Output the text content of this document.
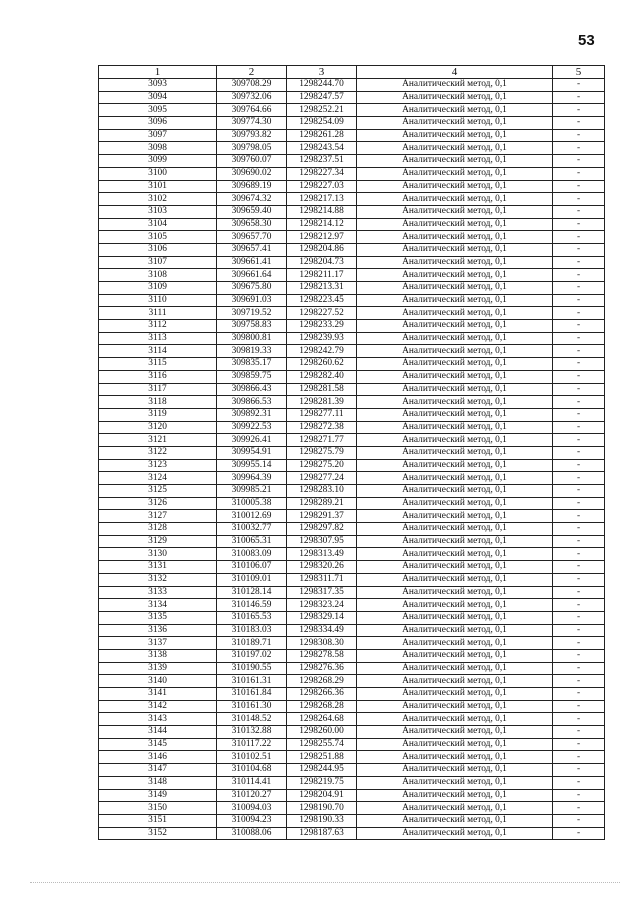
53
1	2	3	4	5
3093	309708.29	1298244.70	Аналитический метод, 0,1	-
3094	309732.06	1298247.57	Аналитический метод, 0,1	-
3095	309764.66	1298252.21	Аналитический метод, 0,1	-
3096	309774.30	1298254.09	Аналитический метод, 0,1	-
3097	309793.82	1298261.28	Аналитический метод, 0,1	-
3098	309798.05	1298243.54	Аналитический метод, 0,1	-
3099	309760.07	1298237.51	Аналитический метод, 0,1	-
3100	309690.02	1298227.34	Аналитический метод, 0,1	-
3101	309689.19	1298227.03	Аналитический метод, 0,1	-
3102	309674.32	1298217.13	Аналитический метод, 0,1	-
3103	309659.40	1298214.88	Аналитический метод, 0,1	-
3104	309658.30	1298214.12	Аналитический метод, 0,1	-
3105	309657.70	1298212.97	Аналитический метод, 0,1	-
3106	309657.41	1298204.86	Аналитический метод, 0,1	-
3107	309661.41	1298204.73	Аналитический метод, 0,1	-
3108	309661.64	1298211.17	Аналитический метод, 0,1	-
3109	309675.80	1298213.31	Аналитический метод, 0,1	-
3110	309691.03	1298223.45	Аналитический метод, 0,1	-
3111	309719.52	1298227.52	Аналитический метод, 0,1	-
3112	309758.83	1298233.29	Аналитический метод, 0,1	-
3113	309800.81	1298239.93	Аналитический метод, 0,1	-
3114	309819.33	1298242.79	Аналитический метод, 0,1	-
3115	309835.17	1298260.62	Аналитический метод, 0,1	-
3116	309859.75	1298282.40	Аналитический метод, 0,1	-
3117	309866.43	1298281.58	Аналитический метод, 0,1	-
3118	309866.53	1298281.39	Аналитический метод, 0,1	-
3119	309892.31	1298277.11	Аналитический метод, 0,1	-
3120	309922.53	1298272.38	Аналитический метод, 0,1	-
3121	309926.41	1298271.77	Аналитический метод, 0,1	-
3122	309954.91	1298275.79	Аналитический метод, 0,1	-
3123	309955.14	1298275.20	Аналитический метод, 0,1	-
3124	309964.39	1298277.24	Аналитический метод, 0,1	-
3125	309985.21	1298283.10	Аналитический метод, 0,1	-
3126	310005.38	1298289.21	Аналитический метод, 0,1	-
3127	310012.69	1298291.37	Аналитический метод, 0,1	-
3128	310032.77	1298297.82	Аналитический метод, 0,1	-
3129	310065.31	1298307.95	Аналитический метод, 0,1	-
3130	310083.09	1298313.49	Аналитический метод, 0,1	-
3131	310106.07	1298320.26	Аналитический метод, 0,1	-
3132	310109.01	1298311.71	Аналитический метод, 0,1	-
3133	310128.14	1298317.35	Аналитический метод, 0,1	-
3134	310146.59	1298323.24	Аналитический метод, 0,1	-
3135	310165.53	1298329.14	Аналитический метод, 0,1	-
3136	310183.03	1298334.49	Аналитический метод, 0,1	-
3137	310189.71	1298308.30	Аналитический метод, 0,1	-
3138	310197.02	1298278.58	Аналитический метод, 0,1	-
3139	310190.55	1298276.36	Аналитический метод, 0,1	-
3140	310161.31	1298268.29	Аналитический метод, 0,1	-
3141	310161.84	1298266.36	Аналитический метод, 0,1	-
3142	310161.30	1298268.28	Аналитический метод, 0,1	-
3143	310148.52	1298264.68	Аналитический метод, 0,1	-
3144	310132.88	1298260.00	Аналитический метод, 0,1	-
3145	310117.22	1298255.74	Аналитический метод, 0,1	-
3146	310102.51	1298251.88	Аналитический метод, 0,1	-
3147	310104.68	1298244.95	Аналитический метод, 0,1	-
3148	310114.41	1298219.75	Аналитический метод, 0,1	-
3149	310120.27	1298204.91	Аналитический метод, 0,1	-
3150	310094.03	1298190.70	Аналитический метод, 0,1	-
3151	310094.23	1298190.33	Аналитический метод, 0,1	-
3152	310088.06	1298187.63	Аналитический метод, 0,1	-
